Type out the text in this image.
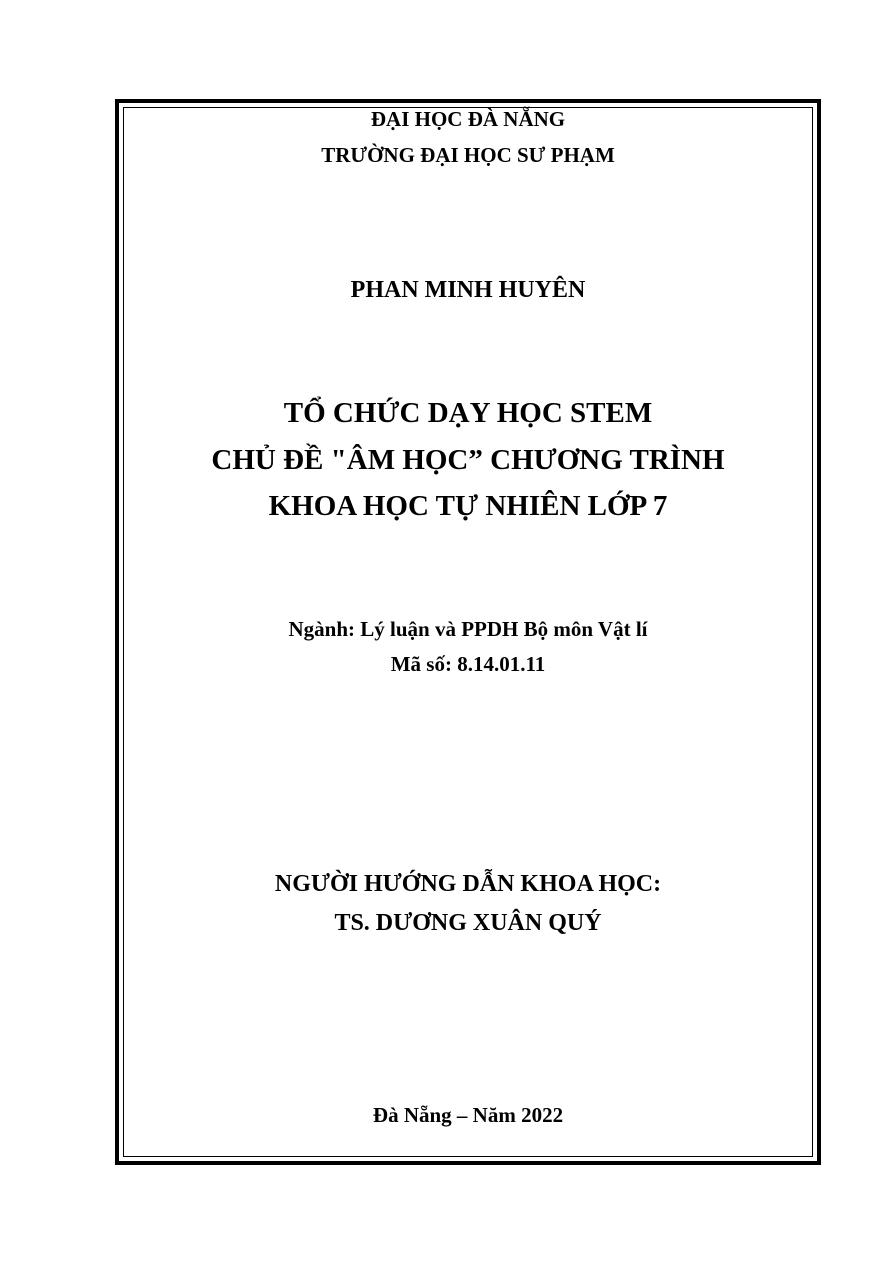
ĐẠI HỌC ĐÀ NẴNG
TRƯỜNG ĐẠI HỌC SƯ PHẠM
PHAN MINH HUYÊN
TỔ CHỨC DẠY HỌC STEM
CHỦ ĐỀ "ÂM HỌC” CHƯƠNG TRÌNH
KHOA HỌC TỰ NHIÊN LỚP 7
Ngành: Lý luận và PPDH Bộ môn Vật lí
Mã số: 8.14.01.11
NGƯỜI HƯỚNG DẪN KHOA HỌC:
TS. DƯƠNG XUÂN QUÝ
Đà Nẵng – Năm 2022
